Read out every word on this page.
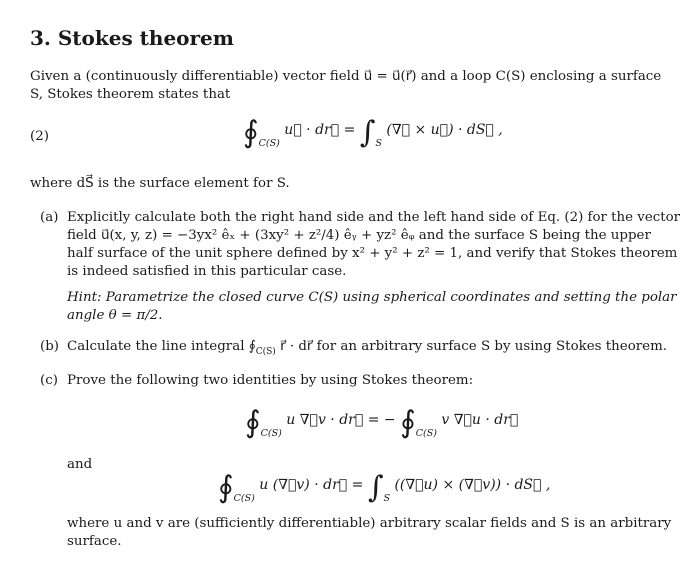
3. Stokes theorem
Given a (continuously differentiable) vector field u⃗ = u⃗(r⃗) and a loop C(S) enclosing a surface
S, Stokes theorem states that
(2)	$∮_{C(S)}$ u⃗ · dr⃗ = $\int_S$ (∇⃗ × u⃗) · dS⃗ ,
where dS⃗ is the surface element for S.
(a) Explicitly calculate both the right hand side and the left hand side of Eq. (2) for the vector
field u⃗(x, y, z) = −3yx² êₓ + (3xy² + z²/4) êᵧ + yz² êᵩ and the surface S being the upper
half surface of the unit sphere defined by x² + y² + z² = 1, and verify that Stokes theorem
is indeed satisfied in this particular case.
Hint: Parametrize the closed curve C(S) using spherical coordinates and setting the polar
angle θ = π/2.
(b) Calculate the line integral $∮_{C(S)}$ r⃗ · dr⃗ for an arbitrary surface S by using Stokes theorem.
(c) Prove the following two identities by using Stokes theorem:
$∮_{C(S)}$ u ∇⃗v · dr⃗ = − $∮_{C(S)}$ v ∇⃗u · dr⃗
and
$∮_{C(S)}$ u (∇⃗v) · dr⃗ = $\int_S$ ((∇⃗u) × (∇⃗v)) · dS⃗ ,
where u and v are (sufficiently differentiable) arbitrary scalar fields and S is an arbitrary
surface.
